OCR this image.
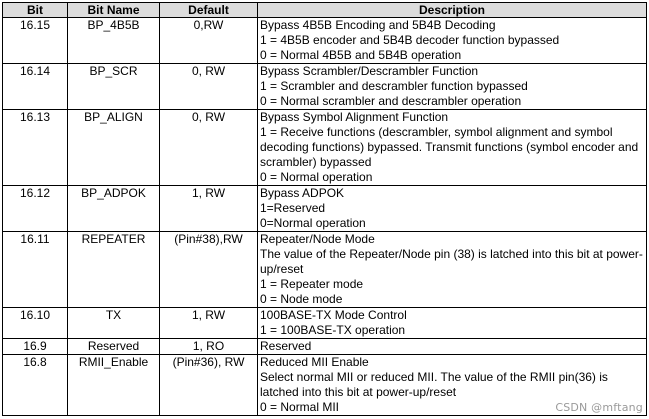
Bit	Bit Name	Default	Description
16.15	BP_4B5B	0,RW	Bypass 4B5B Encoding and 5B4B Decoding
1 = 4B5B encoder and 5B4B decoder function bypassed
0 = Normal 4B5B and 5B4B operation

16.14	BP_SCR	0, RW	Bypass Scrambler/Descrambler Function
1 = Scrambler and descrambler function bypassed
0 = Normal scrambler and descrambler operation

16.13	BP_ALIGN	0, RW	Bypass Symbol Alignment Function
1 = Receive functions (descrambler, symbol alignment and symbol decoding functions) bypassed. Transmit functions (symbol encoder and scrambler) bypassed
0 = Normal operation

16.12	BP_ADPOK	1, RW	Bypass ADPOK
1=Reserved
0=Normal operation

16.11	REPEATER	(Pin#38),RW	Repeater/Node Mode
The value of the Repeater/Node pin (38) is latched into this bit at power-up/reset
1 = Repeater mode
0 = Node mode

16.10	TX	1, RW	100BASE-TX Mode Control
1 = 100BASE-TX operation

16.9	Reserved	1, RO	Reserved

16.8	RMII_Enable	(Pin#36), RW	Reduced MII Enable
Select normal MII or reduced MII. The value of the RMII pin(36) is latched into this bit at power-up/reset
0 = Normal MII	CSDN @mftang
